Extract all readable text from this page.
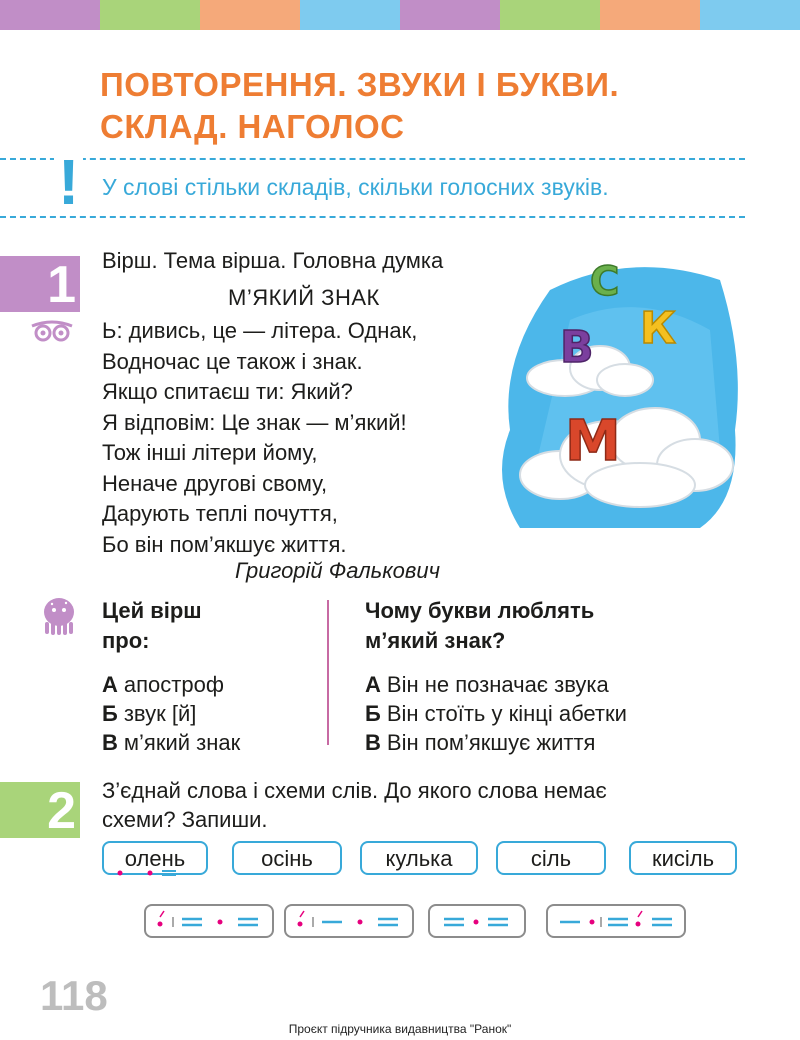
ПОВТОРЕННЯ. ЗВУКИ І БУКВИ.
СКЛАД. НАГОЛОС
! У слові стільки складів, скільки голосних звуків.
1 Вірш. Тема вірша. Головна думка
М’ЯКИЙ ЗНАК
Ь: дивись, це — літера. Однак,
Водночас це також і знак.
Якщо спитаєш ти: Який?
Я відповім: Це знак — м’який!
Тож інші літери йому,
Неначе другові свому,
Дарують теплі почуття,
Бо він пом’якшує життя.
Григорій Фалькович
С
К
В
М
Цей вірш
про:
А апостроф
Б звук [й]
В м’який знак
Чому букви люблять
м’який знак?
А Він не позначає звука
Б Він стоїть у кінці абетки
В Він пом’якшує життя
2 З’єднай слова і схеми слів. До якого слова немає
схеми? Запиши.
олень	осінь	кулька	сіль	кисіль
118
Проєкт підручника видавництва "Ранок"
